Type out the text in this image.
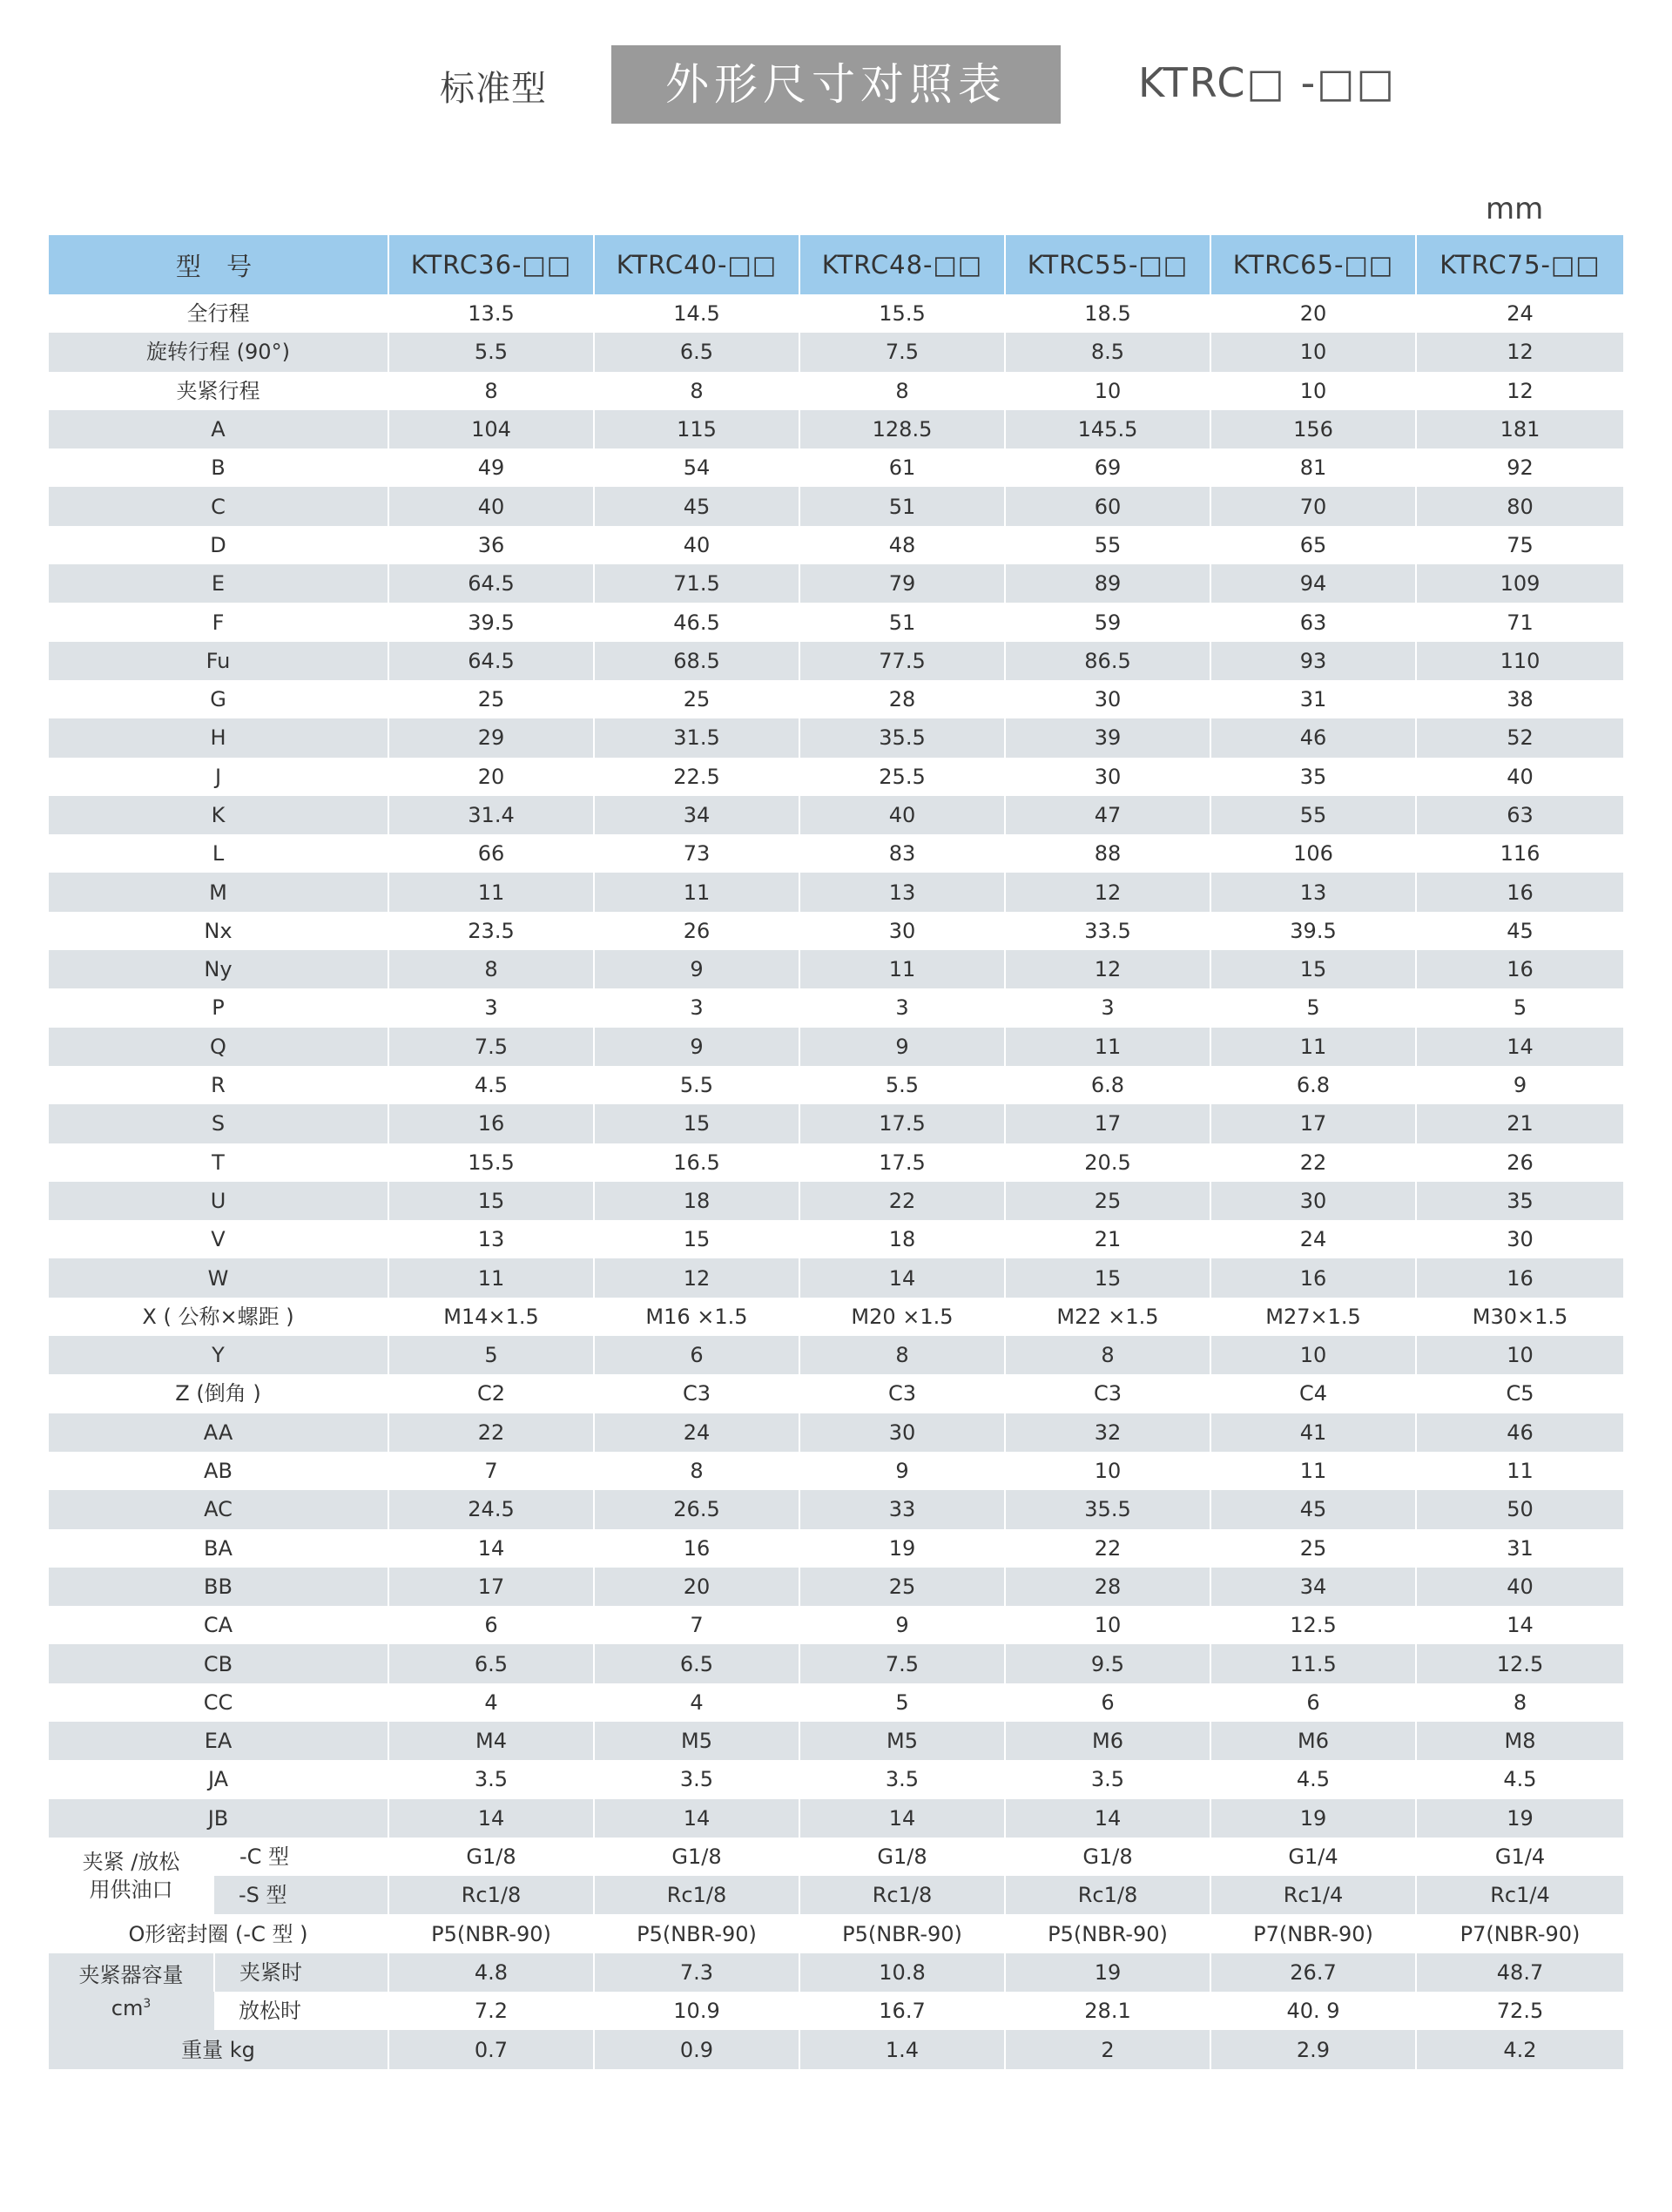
标准型	外形尺寸对照表	KTRC□ -□□
mm
型 号		KTRC36-□□	KTRC40-□□	KTRC48-□□	KTRC55-□□	KTRC65-□□	KTRC75-□□
全行程		13.5	14.5	15.5	18.5	20	24
旋转行程 (90°)		5.5	6.5	7.5	8.5	10	12
夹紧行程		8	8	8	10	10	12
A		104	115	128.5	145.5	156	181
B		49	54	61	69	81	92
C		40	45	51	60	70	80
D		36	40	48	55	65	75
E		64.5	71.5	79	89	94	109
F		39.5	46.5	51	59	63	71
Fu		64.5	68.5	77.5	86.5	93	110
G		25	25	28	30	31	38
H		29	31.5	35.5	39	46	52
J		20	22.5	25.5	30	35	40
K		31.4	34	40	47	55	63
L		66	73	83	88	106	116
M		11	11	13	12	13	16
Nx		23.5	26	30	33.5	39.5	45
Ny		8	9	11	12	15	16
P		3	3	3	3	5	5
Q		7.5	9	9	11	11	14
R		4.5	5.5	5.5	6.8	6.8	9
S		16	15	17.5	17	17	21
T		15.5	16.5	17.5	20.5	22	26
U		15	18	22	25	30	35
V		13	15	18	21	24	30
W		11	12	14	15	16	16
X ( 公称×螺距 )		M14×1.5	M16 ×1.5	M20 ×1.5	M22 ×1.5	M27×1.5	M30×1.5
Y		5	6	8	8	10	10
Z (倒角 )		C2	C3	C3	C3	C4	C5
AA		22	24	30	32	41	46
AB		7	8	9	10	11	11
AC		24.5	26.5	33	35.5	45	50
BA		14	16	19	22	25	31
BB		17	20	25	28	34	40
CA		6	7	9	10	12.5	14
CB		6.5	6.5	7.5	9.5	11.5	12.5
CC		4	4	5	6	6	8
EA		M4	M5	M5	M6	M6	M8
JA		3.5	3.5	3.5	3.5	4.5	4.5
JB		14	14	14	14	19	19

夹紧 /放松
用供油口	-C 型	G1/8	G1/8	G1/8	G1/8	G1/4	G1/4
	-S 型	Rc1/8	Rc1/8	Rc1/8	Rc1/8	Rc1/4	Rc1/4
O形密封圈 (-C 型 )		P5(NBR-90)	P5(NBR-90)	P5(NBR-90)	P5(NBR-90)	P7(NBR-90)	P7(NBR-90)

夹紧器容量
$cm^3$	夹紧时	4.8	7.3	10.8	19	26.7	48.7
	放松时	7.2	10.9	16.7	28.1	40. 9	72.5
重量 kg		0.7	0.9	1.4	2	2.9	4.2
